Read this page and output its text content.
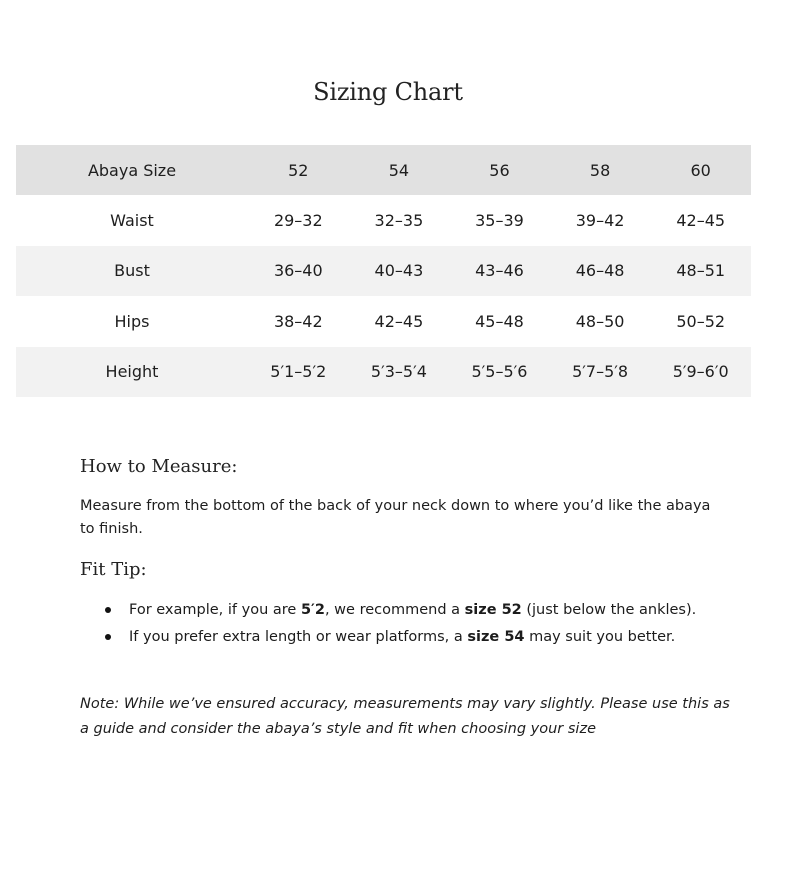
Sizing Chart
Abaya Size	52	54	56	58	60
Waist	29–32	32–35	35–39	39–42	42–45
Bust	36–40	40–43	43–46	46–48	48–51
Hips	38–42	42–45	45–48	48–50	50–52
Height	5′1–5′2	5′3–5′4	5′5–5′6	5′7–5′8	5′9–6′0
How to Measure:

Measure from the bottom of the back of your neck down to where you’d like the abaya to finish.

Fit Tip:
For example, if you are 5′2, we recommend a size 52 (just below the ankles).
If you prefer extra length or wear platforms, a size 54 may suit you better.

Note: While we’ve ensured accuracy, measurements may vary slightly. Please use this as a guide and consider the abaya’s style and fit when choosing your size
